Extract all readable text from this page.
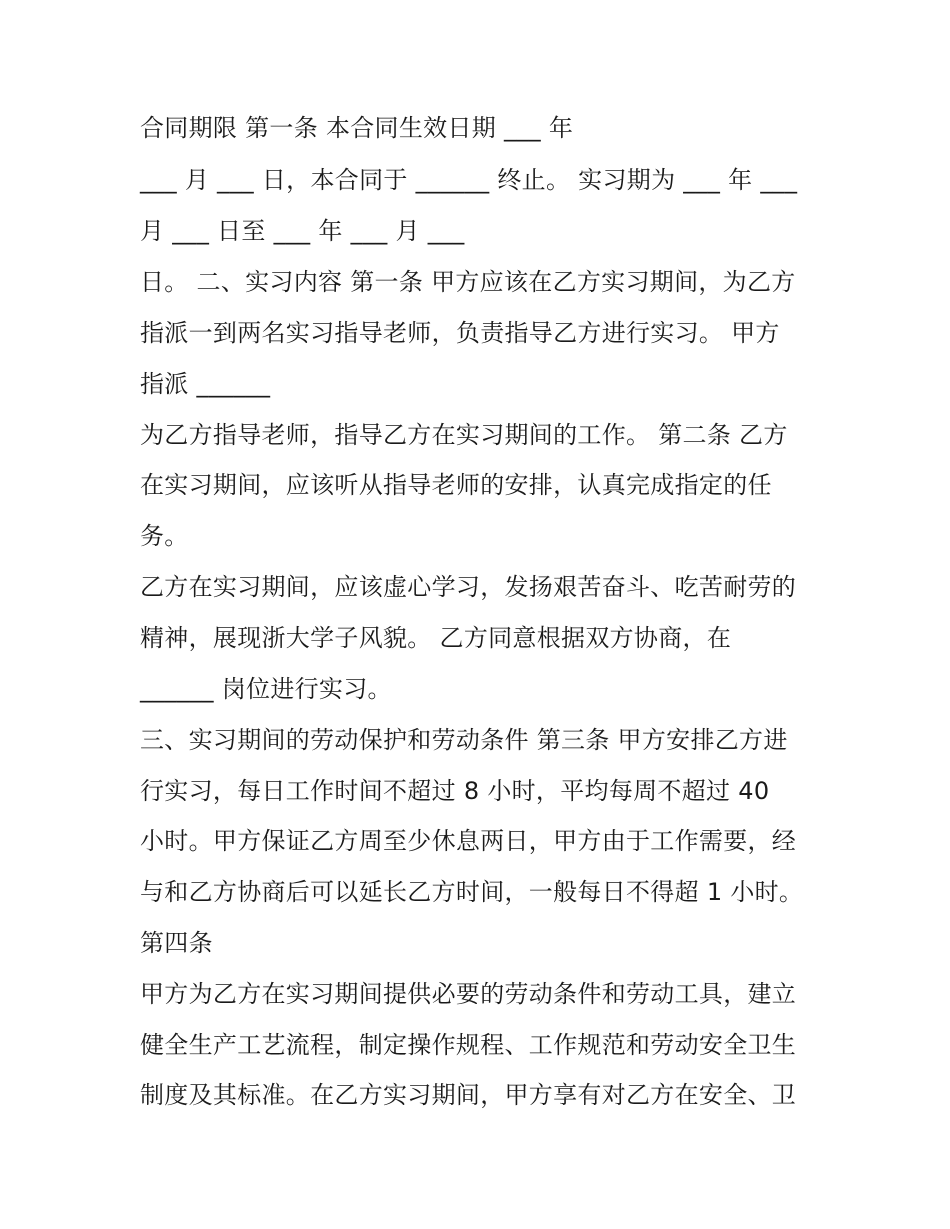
合同期限 第一条 本合同生效日期 ___ 年
___ 月 ___ 日，本合同于 ______ 终止。 实习期为 ___ 年 ___
月 ___ 日至 ___ 年 ___ 月 ___
日。 二、实习内容 第一条 甲方应该在乙方实习期间，为乙方
指派一到两名实习指导老师，负责指导乙方进行实习。 甲方
指派 ______
为乙方指导老师，指导乙方在实习期间的工作。 第二条 乙方
在实习期间，应该听从指导老师的安排，认真完成指定的任
务。
乙方在实习期间，应该虚心学习，发扬艰苦奋斗、吃苦耐劳的
精神，展现浙大学子风貌。 乙方同意根据双方协商，在
______ 岗位进行实习。
三、实习期间的劳动保护和劳动条件 第三条 甲方安排乙方进
行实习，每日工作时间不超过 8 小时，平均每周不超过 40
小时。甲方保证乙方周至少休息两日，甲方由于工作需要，经
与和乙方协商后可以延长乙方时间，一般每日不得超 1 小时。
第四条
甲方为乙方在实习期间提供必要的劳动条件和劳动工具，建立
健全生产工艺流程，制定操作规程、工作规范和劳动安全卫生
制度及其标准。在乙方实习期间，甲方享有对乙方在安全、卫
